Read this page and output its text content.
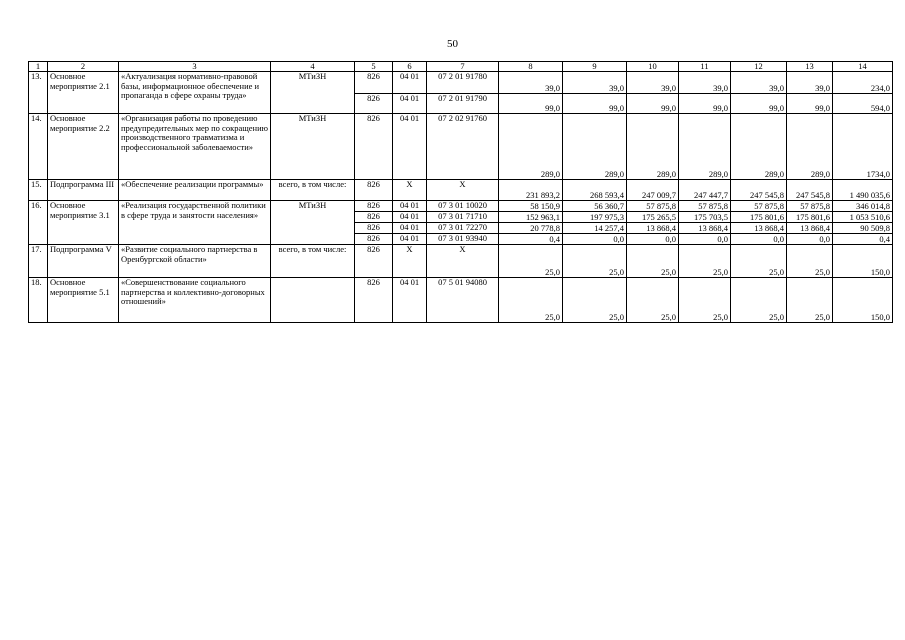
50
1	2	3	4	5	6	7	8	9	10	11	12	13	14
13.	Основное мероприятие 2.1	«Актуализация нормативно-правовой базы, информационное обеспечение и пропаганда в сфере охраны труда»	МТиЗН	826	04 01	07 2 01 91780	39,0	39,0	39,0	39,0	39,0	39,0	234,0
				826	04 01	07 2 01 91790	99,0	99,0	99,0	99,0	99,0	99,0	594,0
14.	Основное мероприятие 2.2	«Организация работы по проведению предупредительных мер по сокращению производственного травматизма и профессиональной заболеваемости»	МТиЗН	826	04 01	07 2 02 91760	289,0	289,0	289,0	289,0	289,0	289,0	1734,0
15.	Подпрограмма III	«Обеспечение реализации программы»	всего, в том числе:	826	Х	Х	231 893,2	268 593,4	247 009,7	247 447,7	247 545,8	247 545,8	1 490 035,6
16.	Основное мероприятие 3.1	«Реализация государственной политики в сфере труда и занятости населения»	МТиЗН	826	04 01	07 3 01 10020	58 150,9	56 360,7	57 875,8	57 875,8	57 875,8	57 875,8	346 014,8
				826	04 01	07 3 01 71710	152 963,1	197 975,3	175 265,5	175 703,5	175 801,6	175 801,6	1 053 510,6
				826	04 01	07 3 01 72270	20 778,8	14 257,4	13 868,4	13 868,4	13 868,4	13 868,4	90 509,8
				826	04 01	07 3 01 93940	0,4	0,0	0,0	0,0	0,0	0,0	0,4
17.	Подпрограмма V	«Развитие социального партнерства в Оренбургской области»	всего, в том числе:	826	Х	Х	25,0	25,0	25,0	25,0	25,0	25,0	150,0
18.	Основное мероприятие 5.1	«Совершенствование социального партнерства и коллективно-договорных отношений»		826	04 01	07 5 01 94080	25,0	25,0	25,0	25,0	25,0	25,0	150,0
